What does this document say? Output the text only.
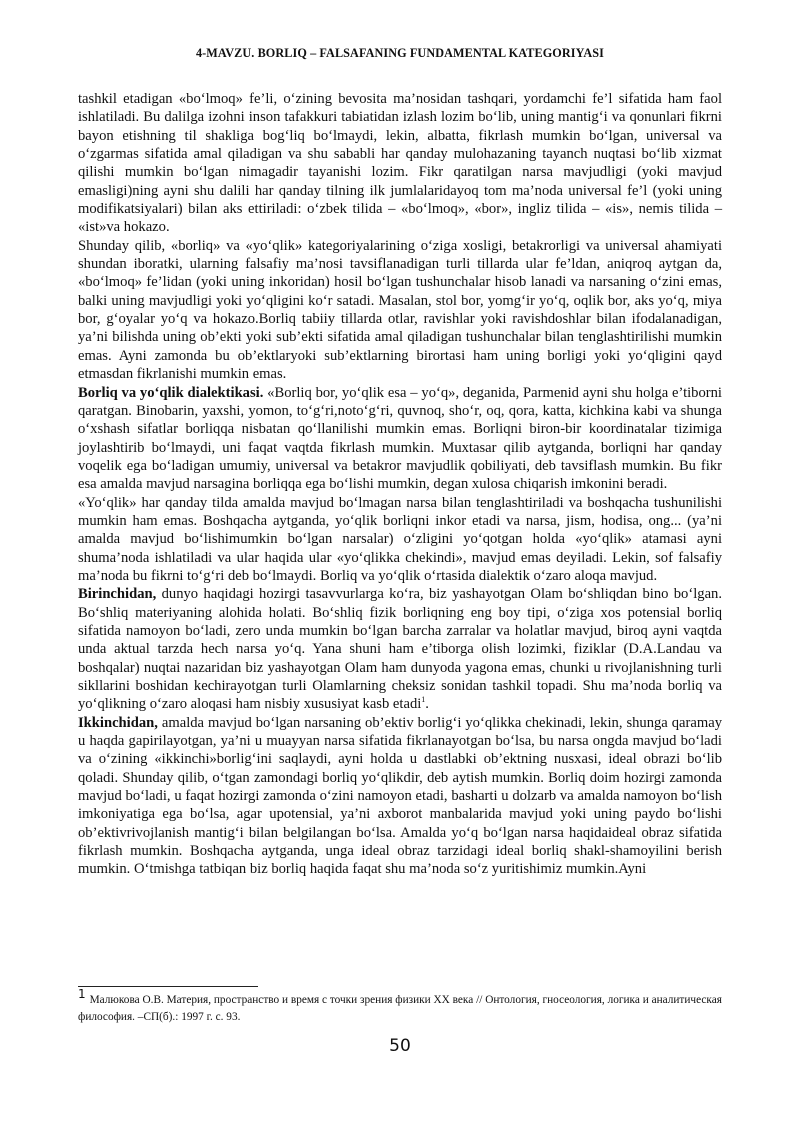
4-MAVZU. BORLIQ – FALSAFANING FUNDAMENTAL KATEGORIYASI

tashkil etadigan «bo‘lmoq» fe’li, o‘zining bevosita ma’nosidan tashqari, yordamchi fe’l sifatida ham faol ishlatiladi. Bu dalilga izohni inson tafakkuri tabiatidan izlash lozim bo‘lib, uning mantig‘i va qonunlari fikrni bayon etishning til shakliga bog‘liq bo‘lmaydi, lekin, albatta, fikrlash mumkin bo‘lgan, universal va o‘zgarmas sifatida amal qiladigan va shu sababli har qanday mulohazaning tayanch nuqtasi bo‘lib xizmat qilishi mumkin bo‘lgan nimagadir tayanishi lozim. Fikr qaratilgan narsa mavjudligi (yoki mavjud emasligi)ning ayni shu dalili har qanday tilning ilk jumlalaridayoq tom ma’noda universal fe’l (yoki uning modifikatsiyalari) bilan aks ettiriladi: o‘zbek tilida – «bo‘lmoq», «bor», ingliz tilida – «is», nemis tilida – «ist»va hokazo.

Shunday qilib, «borliq» va «yo‘qlik» kategoriyalarining o‘ziga xosligi, betakrorligi va universal ahamiyati shundan iboratki, ularning falsafiy ma’nosi tavsiflanadigan turli tillarda ular fe’ldan, aniqroq aytgan da, «bo‘lmoq» fe’lidan (yoki uning inkoridan) hosil bo‘lgan tushunchalar hisob lanadi va narsaning o‘zini emas, balki uning mavjudligi yoki yo‘qligini ko‘r satadi. Masalan, stol bor, yomg‘ir yo‘q, oqlik bor, aks yo‘q, miya bor, g‘oyalar yo‘q va hokazo.Borliq tabiiy tillarda otlar, ravishlar yoki ravishdoshlar bilan ifodalanadigan, ya’ni bilishda uning ob’ekti yoki sub’ekti sifatida amal qiladigan tushunchalar bilan tenglashtirilishi mumkin emas. Ayni zamonda bu ob’ektlaryoki sub’ektlarning birortasi ham uning borligi yoki yo‘qligini qayd etmasdan fikrlanishi mumkin emas.

Borliq va yo‘qlik dialektikasi. «Borliq bor, yo‘qlik esa – yo‘q», deganida, Parmenid ayni shu holga e’tiborni qaratgan. Binobarin, yaxshi, yomon, to‘g‘ri,noto‘g‘ri, quvnoq, sho‘r, oq, qora, katta, kichkina kabi va shunga o‘xshash sifatlar borliqqa nisbatan qo‘llanilishi mumkin emas. Borliqni biron-bir koordinatalar tizimiga joylashtirib bo‘lmaydi, uni faqat vaqtda fikrlash mumkin. Muxtasar qilib aytganda, borliqni har qanday voqelik ega bo‘ladigan umumiy, universal va betakror mavjudlik qobiliyati, deb tavsiflash mumkin. Bu fikr esa amalda mavjud narsagina borliqqa ega bo‘lishi mumkin, degan xulosa chiqarish imkonini beradi.

«Yo‘qlik» har qanday tilda amalda mavjud bo‘lmagan narsa bilan tenglashtiriladi va boshqacha tushunilishi mumkin ham emas. Boshqacha aytganda, yo‘qlik borliqni inkor etadi va narsa, jism, hodisa, ong... (ya’ni amalda mavjud bo‘lishimumkin bo‘lgan narsalar) o‘zligini yo‘qotgan holda «yo‘qlik» atamasi ayni shuma’noda ishlatiladi va ular haqida ular «yo‘qlikka chekindi», mavjud emas deyiladi. Lekin, sof falsafiy ma’noda bu fikrni to‘g‘ri deb bo‘lmaydi. Borliq va yo‘qlik o‘rtasida dialektik o‘zaro aloqa mavjud.

Birinchidan, dunyo haqidagi hozirgi tasavvurlarga ko‘ra, biz yashayotgan Olam bo‘shliqdan bino bo‘lgan. Bo‘shliq materiyaning alohida holati. Bo‘shliq fizik borliqning eng boy tipi, o‘ziga xos potensial borliq sifatida namoyon bo‘ladi, zero unda mumkin bo‘lgan barcha zarralar va holatlar mavjud, biroq ayni vaqtda unda aktual tarzda hech narsa yo‘q. Yana shuni ham e’tiborga olish lozimki, fiziklar (D.A.Landau va boshqalar) nuqtai nazaridan biz yashayotgan Olam ham dunyoda yagona emas, chunki u rivojlanishning turli sikllarini boshidan kechirayotgan turli Olamlarning cheksiz sonidan tashkil topadi. Shu ma’noda borliq va yo‘qlikning o‘zaro aloqasi ham nisbiy xususiyat kasb etadi$^1$.

Ikkinchidan, amalda mavjud bo‘lgan narsaning ob’ektiv borlig‘i yo‘qlikka chekinadi, lekin, shunga qaramay u haqda gapirilayotgan, ya’ni u muayyan narsa sifatida fikrlanayotgan bo‘lsa, bu narsa ongda mavjud bo‘ladi va o‘zining «ikkinchi»borlig‘ini saqlaydi, ayni holda u dastlabki ob’ektning nusxasi, ideal obrazi bo‘lib qoladi. Shunday qilib, o‘tgan zamondagi borliq yo‘qlikdir, deb aytish mumkin. Borliq doim hozirgi zamonda mavjud bo‘ladi, u faqat hozirgi zamonda o‘zini namoyon etadi, basharti u dolzarb va amalda namoyon bo‘lish imkoniyatiga ega bo‘lsa, agar upotensial, ya’ni axborot manbalarida mavjud yoki uning paydo bo‘lishi ob’ektivrivojlanish mantig‘i bilan belgilangan bo‘lsa. Amalda yo‘q bo‘lgan narsa haqidaideal obraz sifatida fikrlash mumkin. Boshqacha aytganda, unga ideal obraz tarzidagi ideal borliq shakl-shamoyilini berish mumkin. O‘tmishga tatbiqan biz borliq haqida faqat shu ma’noda so‘z yuritishimiz mumkin.Ayni

1 Малюкова О.В. Материя, пространство и время с точки зрения физики XX века // Онтология, гносеология, логика и аналитическая философия. –СП(б).: 1997 г. с. 93.
50
